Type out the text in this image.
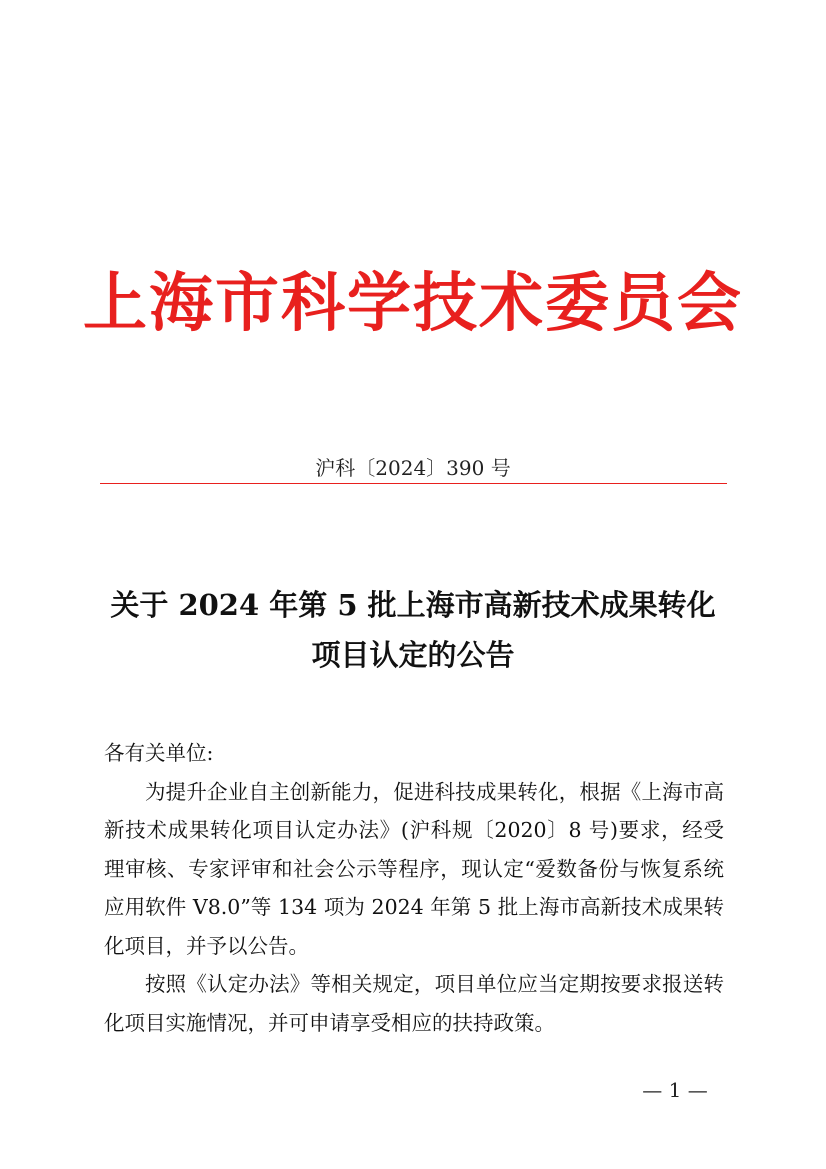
上海市科学技术委员会
沪科〔2024〕390 号
关于 2024 年第 5 批上海市高新技术成果转化
项目认定的公告

各有关单位:

为提升企业自主创新能力，促进科技成果转化，根据《上海市高新技术成果转化项目认定办法》(沪科规〔2020〕8 号)要求，经受理审核、专家评审和社会公示等程序，现认定“爱数备份与恢复系统应用软件 V8.0”等 134 项为 2024 年第 5 批上海市高新技术成果转化项目，并予以公告。

按照《认定办法》等相关规定，项目单位应当定期按要求报送转化项目实施情况，并可申请享受相应的扶持政策。

— 1 —
